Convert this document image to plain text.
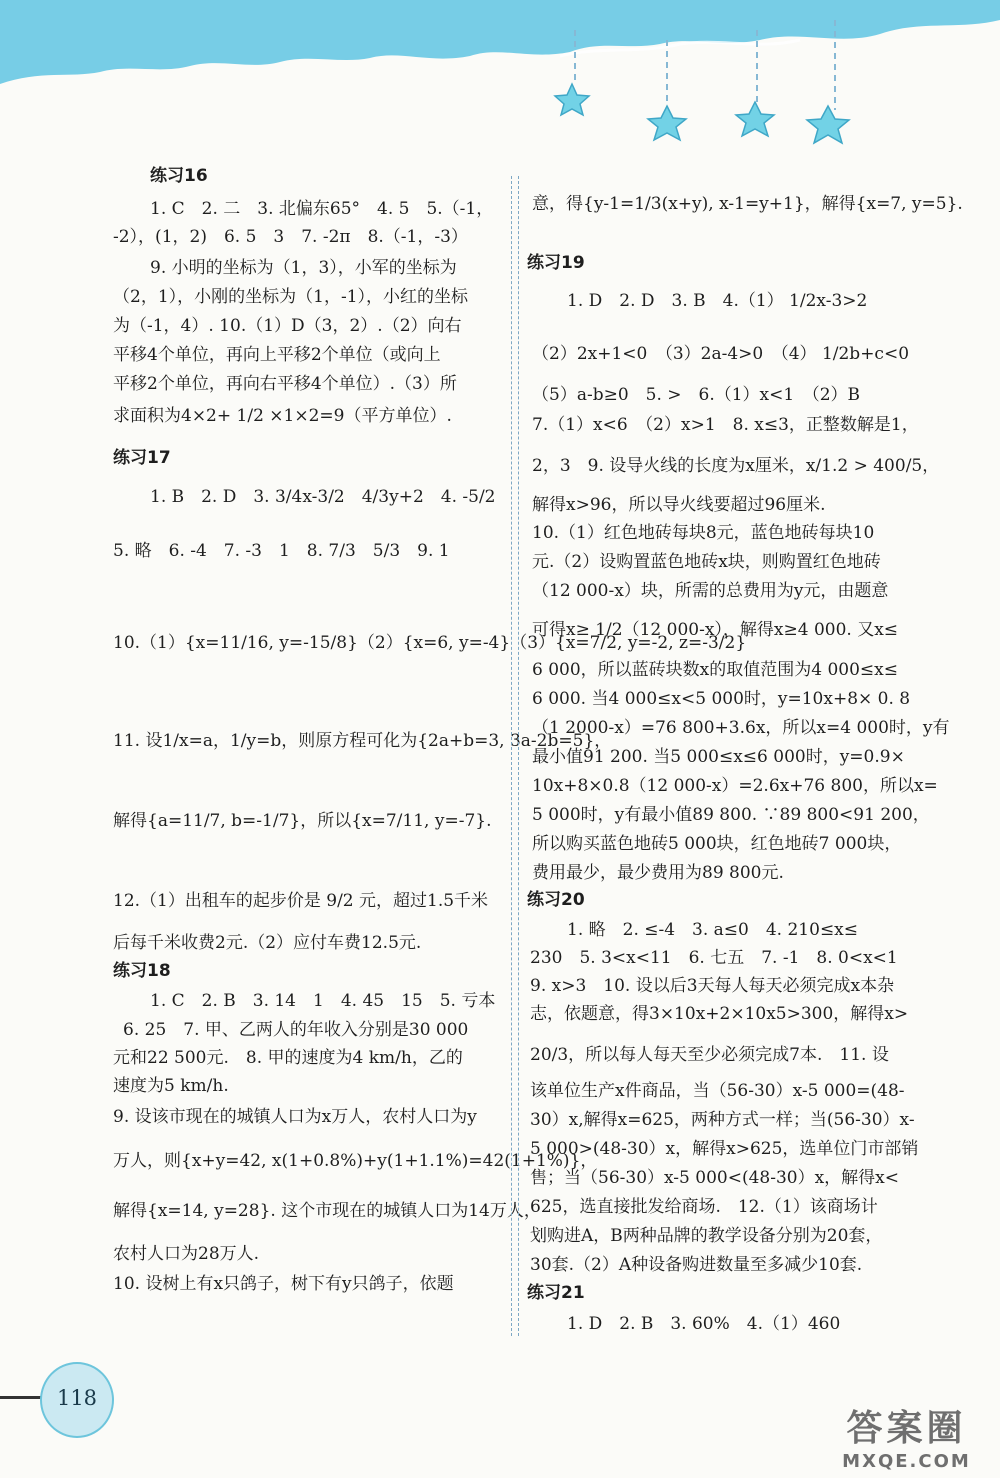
练习16
1. C　2. 二　3. 北偏东65°　4. 5　5.（-1，
-2），(1，2)　6. 5　3　7. -2π　8.（-1，-3）
9. 小明的坐标为（1，3），小军的坐标为
（2，1），小刚的坐标为（1，-1），小红的坐标
为（-1，4）. 10.（1）D（3，2）.（2）向右
平移4个单位，再向上平移2个单位（或向上
平移2个单位，再向右平移4个单位）.（3）所
求面积为4×2+ 1/2 ×1×2=9（平方单位）.
练习17
1. B　2. D　3. 3/4x-3/2　4/3y+2　4. -5/2
5. 略　6. -4　7. -3　1　8. 7/3　5/3　9. 1
10.（1）{x=11/16, y=-15/8}（2）{x=6, y=-4}（3）{x=7/2, y=-2, z=-3/2}
11. 设1/x=a，1/y=b，则原方程可化为{2a+b=3, 3a-2b=5}，
解得{a=11/7, b=-1/7}，所以{x=7/11, y=-7}.
12.（1）出租车的起步价是 9/2 元，超过1.5千米
后每千米收费2元.（2）应付车费12.5元.
练习18
1. C　2. B　3. 14　1　4. 45　15　5. 亏本
6. 25　7. 甲、乙两人的年收入分别是30 000
元和22 500元.　8. 甲的速度为4 km/h，乙的
速度为5 km/h.
9. 设该市现在的城镇人口为x万人，农村人口为y
万人，则{x+y=42, x(1+0.8%)+y(1+1.1%)=42(1+1%)}，
解得{x=14, y=28}. 这个市现在的城镇人口为14万人，
农村人口为28万人.
10. 设树上有x只鸽子，树下有y只鸽子，依题
意，得{y-1=1/3(x+y), x-1=y+1}，解得{x=7, y=5}.
练习19
1. D　2. D　3. B　4.（1） 1/2x-3>2
（2）2x+1<0　（3）2a-4>0　（4） 1/2b+c<0
（5）a-b≥0　5. >　6.（1）x<1　（2）B
7.（1）x<6　（2）x>1　8. x≤3，正整数解是1，
2，3　9. 设导火线的长度为x厘米，x/1.2 > 400/5，
解得x>96，所以导火线要超过96厘米.
10.（1）红色地砖每块8元，蓝色地砖每块10
元.（2）设购置蓝色地砖x块，则购置红色地砖
（12 000-x）块，所需的总费用为y元，由题意
可得x≥ 1/2（12 000-x），解得x≥4 000. 又x≤
6 000，所以蓝砖块数x的取值范围为4 000≤x≤
6 000. 当4 000≤x<5 000时，y=10x+8× 0. 8
（1 2000-x）=76 800+3.6x，所以x=4 000时，y有
最小值91 200. 当5 000≤x≤6 000时，y=0.9×
10x+8×0.8（12 000-x）=2.6x+76 800，所以x=
5 000时，y有最小值89 800. ∵89 800<91 200，
所以购买蓝色地砖5 000块，红色地砖7 000块，
费用最少，最少费用为89 800元.
练习20
1. 略　2. ≤-4　3. a≤0　4. 210≤x≤
230　5. 3<x<11　6. 七五　7. -1　8. 0<x<1
9. x>3　10. 设以后3天每人每天必须完成x本杂
志，依题意，得3×10x+2×10x5>300，解得x>
20/3，所以每人每天至少必须完成7本.　11. 设
该单位生产x件商品，当（56-30）x-5 000=(48-
30）x,解得x=625，两种方式一样；当(56-30）x-
5 000>(48-30）x，解得x>625，选单位门市部销
售；当（56-30）x-5 000<(48-30）x，解得x<
625，选直接批发给商场.　12.（1）该商场计
划购进A，B两种品牌的教学设备分别为20套，
30套.（2）A种设备购进数量至多减少10套.
练习21
1. D　2. B　3. 60%　4.（1）460
118
答案圈
MXQE.COM
